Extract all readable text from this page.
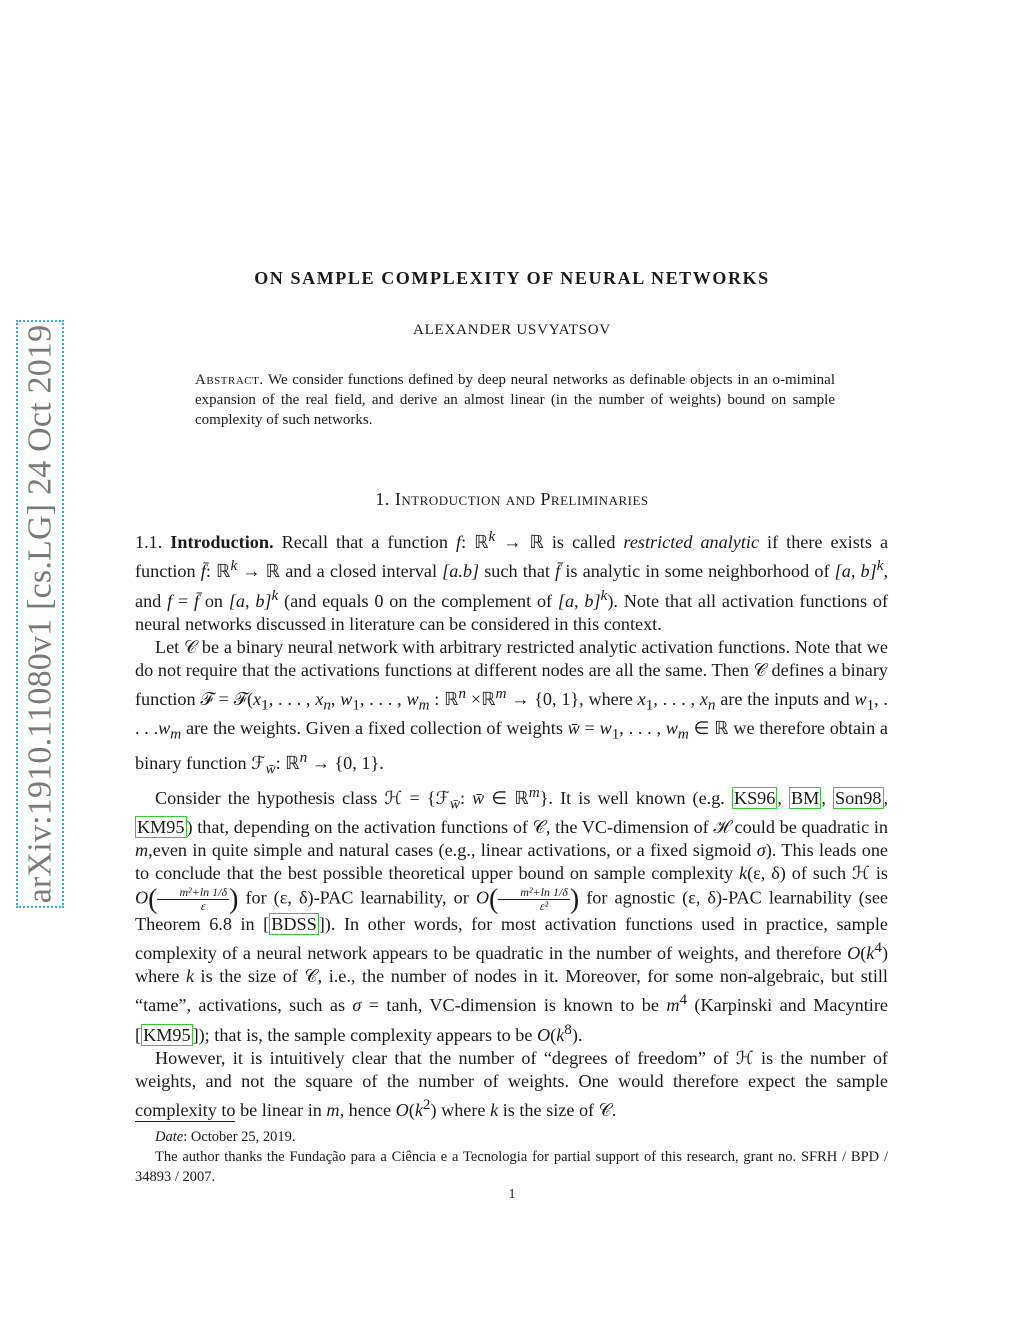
arXiv:1910.11080v1 [cs.LG] 24 Oct 2019
ON SAMPLE COMPLEXITY OF NEURAL NETWORKS
ALEXANDER USVYATSOV
Abstract. We consider functions defined by deep neural networks as definable objects in an o-miminal expansion of the real field, and derive an almost linear (in the number of weights) bound on sample complexity of such networks.
1. Introduction and Preliminaries

1.1. Introduction. Recall that a function f: ℝ$^k$ → ℝ is called restricted analytic if there exists a function f̄: ℝ$^k$ → ℝ and a closed interval [a.b] such that f̄ is analytic in some neighborhood of [a, b]$^k$, and f = f̄ on [a, b]$^k$ (and equals 0 on the complement of [a, b]$^k$). Note that all activation functions of neural networks discussed in literature can be considered in this context.

Let 𝒞 be a binary neural network with arbitrary restricted analytic activation functions. Note that we do not require that the activations functions at different nodes are all the same. Then 𝒞 defines a binary function ℱ = $ℱ(x_1$, . . . , $x_n$, $w_1$, . . . , $w_m$ : ℝ$^n$ ×ℝ$^m$ → {0, 1}, where $x_1$, . . . , $x_n$ are the inputs and $w_1$, . . . $.w_m$ are the weights. Given a fixed collection of weights w̄ = $w_1$, . . . , $w_m$ ∈ ℝ we therefore obtain a binary function ℱ$_{w̄}$: ℝ$^n$ → {0, 1}.

Consider the hypothesis class ℋ = {ℱ$_{w̄}$: w̄ ∈ ℝ$^m$}. It is well known (e.g. KS96 , BM , Son98 , KM95 ) that, depending on the activation functions of 𝒞, the VC-dimension of ℋ could be quadratic in m,even in quite simple and natural cases (e.g., linear activations, or a fixed sigmoid σ). This leads one to conclude that the best possible theoretical upper bound on sample complexity k(ε, δ) of such ℋ is $O( \frac{\text{m²+ln 1/δ}}{\varepsilon}$ ) for (ε, δ)-PAC learnability, or $O( \frac{\text{m²+ln 1/δ}}{\text{ε²}}$ ) for agnostic (ε, δ)-PAC learnability (see Theorem 6.8 in [ BDSS ]). In other words, for most activation functions used in practice, sample complexity of a neural network appears to be quadratic in the number of weights, and therefore $O(k^4)$ where k is the size of 𝒞, i.e., the number of nodes in it. Moreover, for some non-algebraic, but still “tame”, activations, such as σ = tanh, VC-dimension is known to be $m^4$ (Karpinski and Macyntire [ KM95 ]); that is, the sample complexity appears to be $O(k^8)$.

However, it is intuitively clear that the number of “degrees of freedom” of ℋ is the number of weights, and not the square of the number of weights. One would therefore expect the sample complexity to be linear in m, hence $O(k^2)$ where k is the size of 𝒞.

Date: October 25, 2019.

The author thanks the Fundação para a Ciência e a Tecnologia for partial support of this research, grant no. SFRH / BPD / 34893 / 2007.

1
